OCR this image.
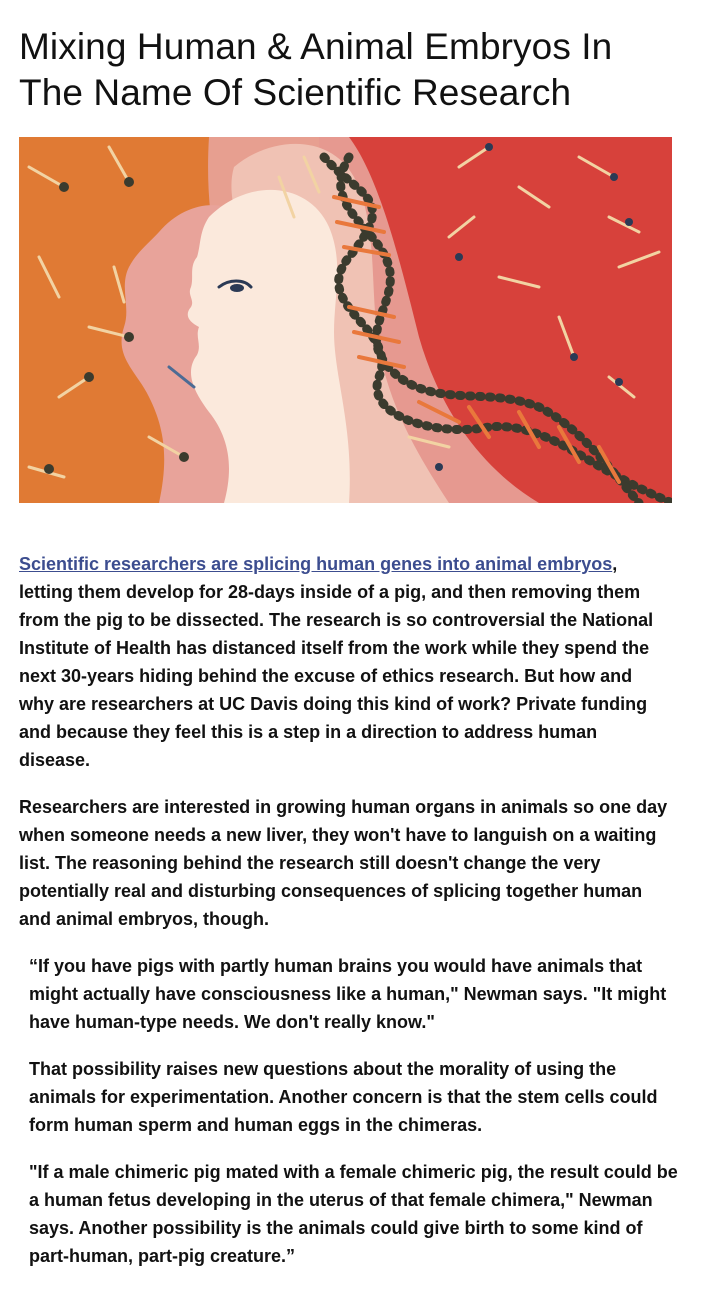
Mixing Human & Animal Embryos In The Name Of Scientific Research

Scientific researchers are splicing human genes into animal embryos, letting them develop for 28-days inside of a pig, and then removing them from the pig to be dissected. The research is so controversial the National Institute of Health has distanced itself from the work while they spend the next 30-years hiding behind the excuse of ethics research. But how and why are researchers at UC Davis doing this kind of work? Private funding and because they feel this is a step in a direction to address human disease.

Researchers are interested in growing human organs in animals so one day when someone needs a new liver, they won't have to languish on a waiting list. The reasoning behind the research still doesn't change the very potentially real and disturbing consequences of splicing together human and animal embryos, though.

“If you have pigs with partly human brains you would have animals that might actually have consciousness like a human," Newman says. "It might have human-type needs. We don't really know."

That possibility raises new questions about the morality of using the animals for experimentation. Another concern is that the stem cells could form human sperm and human eggs in the chimeras.

"If a male chimeric pig mated with a female chimeric pig, the result could be a human fetus developing in the uterus of that female chimera," Newman says. Another possibility is the animals could give birth to some kind of part-human, part-pig creature.”
